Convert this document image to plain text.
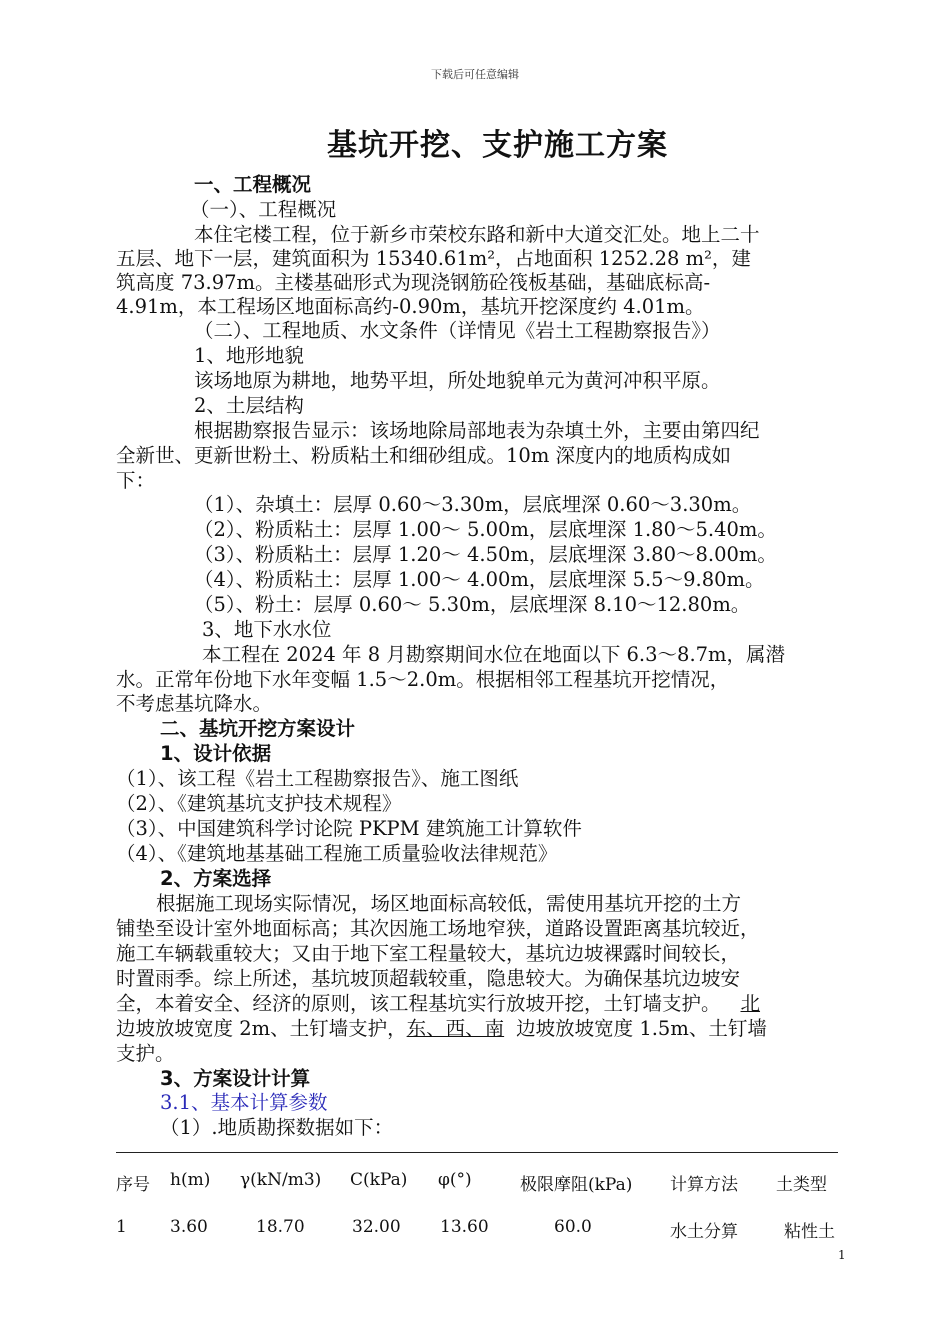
下载后可任意编辑
基坑开挖、支护施工方案
一、工程概况
（一）、工程概况
本住宅楼工程，位于新乡市荣校东路和新中大道交汇处。地上二十
五层、地下一层，建筑面积为 15340.61m²，占地面积 1252.28 m²，建
筑高度 73.97m。主楼基础形式为现浇钢筋砼筏板基础，基础底标高-
4.91m，本工程场区地面标高约-0.90m，基坑开挖深度约 4.01m。
（二）、工程地质、水文条件（详情见《岩土工程勘察报告》）
1、地形地貌
该场地原为耕地，地势平坦，所处地貌单元为黄河冲积平原。
2、土层结构
根据勘察报告显示：该场地除局部地表为杂填土外，主要由第四纪
全新世、更新世粉土、粉质粘土和细砂组成。10m 深度内的地质构成如
下：
（1）、杂填土：层厚 0.60～3.30m，层底埋深 0.60～3.30m。
（2）、粉质粘土：层厚 1.00～ 5.00m，层底埋深 1.80～5.40m。
（3）、粉质粘土：层厚 1.20～ 4.50m，层底埋深 3.80～8.00m。
（4）、粉质粘土：层厚 1.00～ 4.00m，层底埋深 5.5～9.80m。
（5）、粉土：层厚 0.60～ 5.30m，层底埋深 8.10～12.80m。
3、地下水水位
本工程在 2024 年 8 月勘察期间水位在地面以下 6.3～8.7m，属潜
水。正常年份地下水年变幅 1.5～2.0m。根据相邻工程基坑开挖情况，
不考虑基坑降水。
二、基坑开挖方案设计
1、设计依据
（1）、该工程《岩土工程勘察报告》、施工图纸
（2）、《建筑基坑支护技术规程》
（3）、中国建筑科学讨论院 PKPM 建筑施工计算软件
（4）、《建筑地基基础工程施工质量验收法律规范》
2、方案选择
根据施工现场实际情况，场区地面标高较低，需使用基坑开挖的土方
铺垫至设计室外地面标高；其次因施工场地窄狭，道路设置距离基坑较近，
施工车辆载重较大；又由于地下室工程量较大，基坑边坡裸露时间较长，
时置雨季。综上所述，基坑坡顶超载较重，隐患较大。为确保基坑边坡安
全，本着安全、经济的原则，该工程基坑实行放坡开挖，土钉墙支护。 北
边坡放坡宽度 2m、土钉墙支护，东、西、南 边坡放坡宽度 1.5m、土钉墙
支护。
3、方案设计计算
3.1、基本计算参数
（1）.地质勘探数据如下：
序号 h(m) γ(kN/m3) C(kPa) φ(°)	极限摩阻(kPa) 计算方法 土类型
1	3.60	18.70	32.00 13.60	60.0	水土分算	粘性土
1
